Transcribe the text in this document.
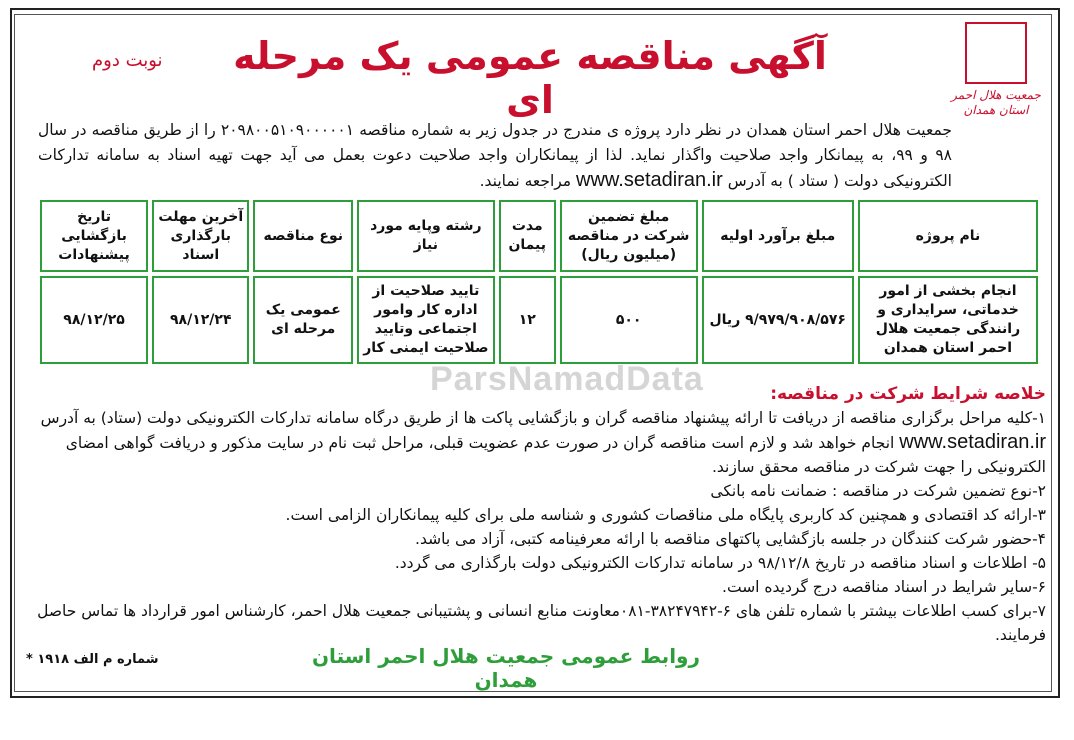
ParsNamadData
جمعیت هلال احمر
استان همدان
آگهی مناقصه عمومی یک مرحله ای
نوبت دوم
جمعیت هلال احمر استان همدان در نظر دارد پروژه ی مندرج در جدول زیر به شماره مناقصه ۲۰۹۸۰۰۵۱۰۹۰۰۰۰۰۱ را از طریق مناقصه در سال ۹۸ و ۹۹، به پیمانکار واجد صلاحیت واگذار نماید. لذا از پیمانکاران واجد صلاحیت دعوت بعمل می آید جهت تهیه اسناد به سامانه تدارکات الکترونیکی دولت ( ستاد ) به آدرس www.setadiran.ir مراجعه نمایند.
نام پروژه	مبلغ برآورد اولیه	مبلغ تضمین شرکت در مناقصه (میلیون ریال)	مدت پیمان	رشته وپایه مورد نیاز	نوع مناقصه	آخرین مهلت بارگذاری اسناد	تاریخ بازگشایی پیشنهادات
انجام بخشی از امور خدماتی، سرایداری و رانندگی جمعیت هلال احمر استان همدان	۹/۹۷۹/۹۰۸/۵۷۶ ریال	۵۰۰	۱۲	تایید صلاحیت از اداره کار وامور اجتماعی وتایید صلاحیت ایمنی کار	عمومی یک مرحله ای	۹۸/۱۲/۲۴	۹۸/۱۲/۲۵
خلاصه شرایط شرکت در مناقصه:
۱-کلیه مراحل برگزاری مناقصه از دریافت تا ارائه پیشنهاد مناقصه گران و بازگشایی پاکت ها از طریق درگاه سامانه تدارکات الکترونیکی دولت (ستاد) به آدرس www.setadiran.ir انجام خواهد شد و لازم است مناقصه گران در صورت عدم عضویت قبلی، مراحل ثبت نام در سایت مذکور و دریافت گواهی امضای الکترونیکی را جهت شرکت در مناقصه محقق سازند.
۲-نوع تضمین شرکت در مناقصه : ضمانت نامه بانکی
۳-ارائه کد اقتصادی و همچنین کد کاربری پایگاه ملی مناقصات کشوری و شناسه ملی برای کلیه پیمانکاران الزامی است.
۴-حضور شرکت کنندگان در جلسه بازگشایی پاکتهای مناقصه با ارائه معرفینامه کتبی، آزاد می باشد.
۵- اطلاعات و اسناد مناقصه در تاریخ ۹۸/۱۲/۸ در سامانه تدارکات الکترونیکی دولت بارگذاری می گردد.
۶-سایر شرایط در اسناد مناقصه درج گردیده است.
۷-برای کسب اطلاعات بیشتر با شماره تلفن های ۶-۳۸۲۴۷۹۴۲-۰۸۱معاونت منابع انسانی و پشتیبانی جمعیت هلال احمر، کارشناس امور قرارداد ها تماس حاصل فرمایند.
روابط عمومی جمعیت هلال احمر استان همدان
شماره م الف ۱۹۱۸ *
